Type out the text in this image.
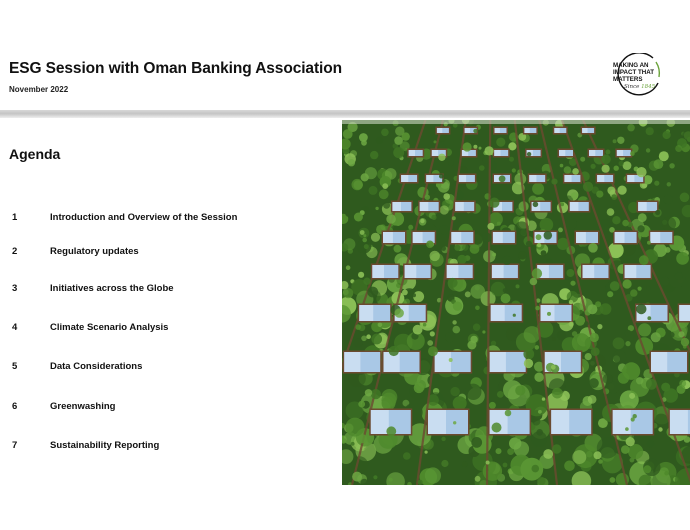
ESG Session with Oman Banking Association
November 2022
MAKING AN
IMPACT THAT
MATTERS
Since 1845
Agenda
1	Introduction and Overview of the Session
2	Regulatory updates
3	Initiatives across the Globe
4	Climate Scenario Analysis
5	Data Considerations
6	Greenwashing
7	Sustainability Reporting
